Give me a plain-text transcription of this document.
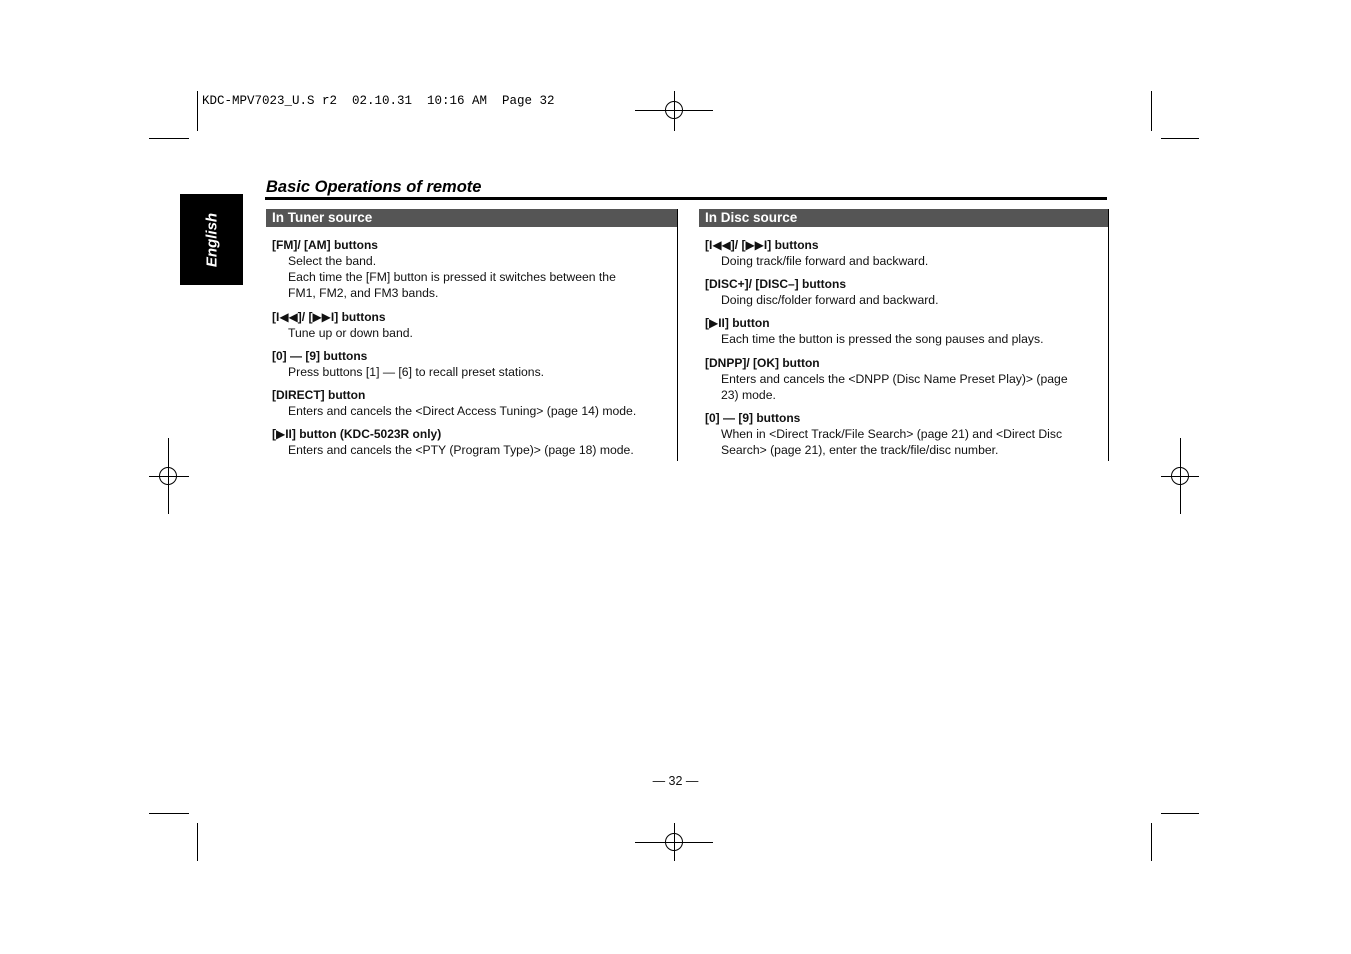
KDC-MPV7023_U.S r2  02.10.31  10:16 AM  Page 32
English
Basic Operations of remote
In Tuner source
[FM]/ [AM] buttons
Select the band.
Each time the [FM] button is pressed it switches between the
FM1, FM2, and FM3 bands.
[I◀◀]/ [▶▶I] buttons
Tune up or down band.
[0] — [9] buttons
Press buttons [1] — [6] to recall preset stations.
[DIRECT] button
Enters and cancels the <Direct Access Tuning> (page 14) mode.
[▶II] button (KDC-5023R only)
Enters and cancels the <PTY (Program Type)> (page 18) mode.
In Disc source
[I◀◀]/ [▶▶I] buttons
Doing track/file forward and backward.
[DISC+]/ [DISC–] buttons
Doing disc/folder forward and backward.
[▶II] button
Each time the button is pressed the song pauses and plays.
[DNPP]/ [OK] button
Enters and cancels the <DNPP (Disc Name Preset Play)> (page
23) mode.
[0] — [9] buttons
When in <Direct Track/File Search> (page 21) and <Direct Disc
Search> (page 21), enter the track/file/disc number.
— 32 —
